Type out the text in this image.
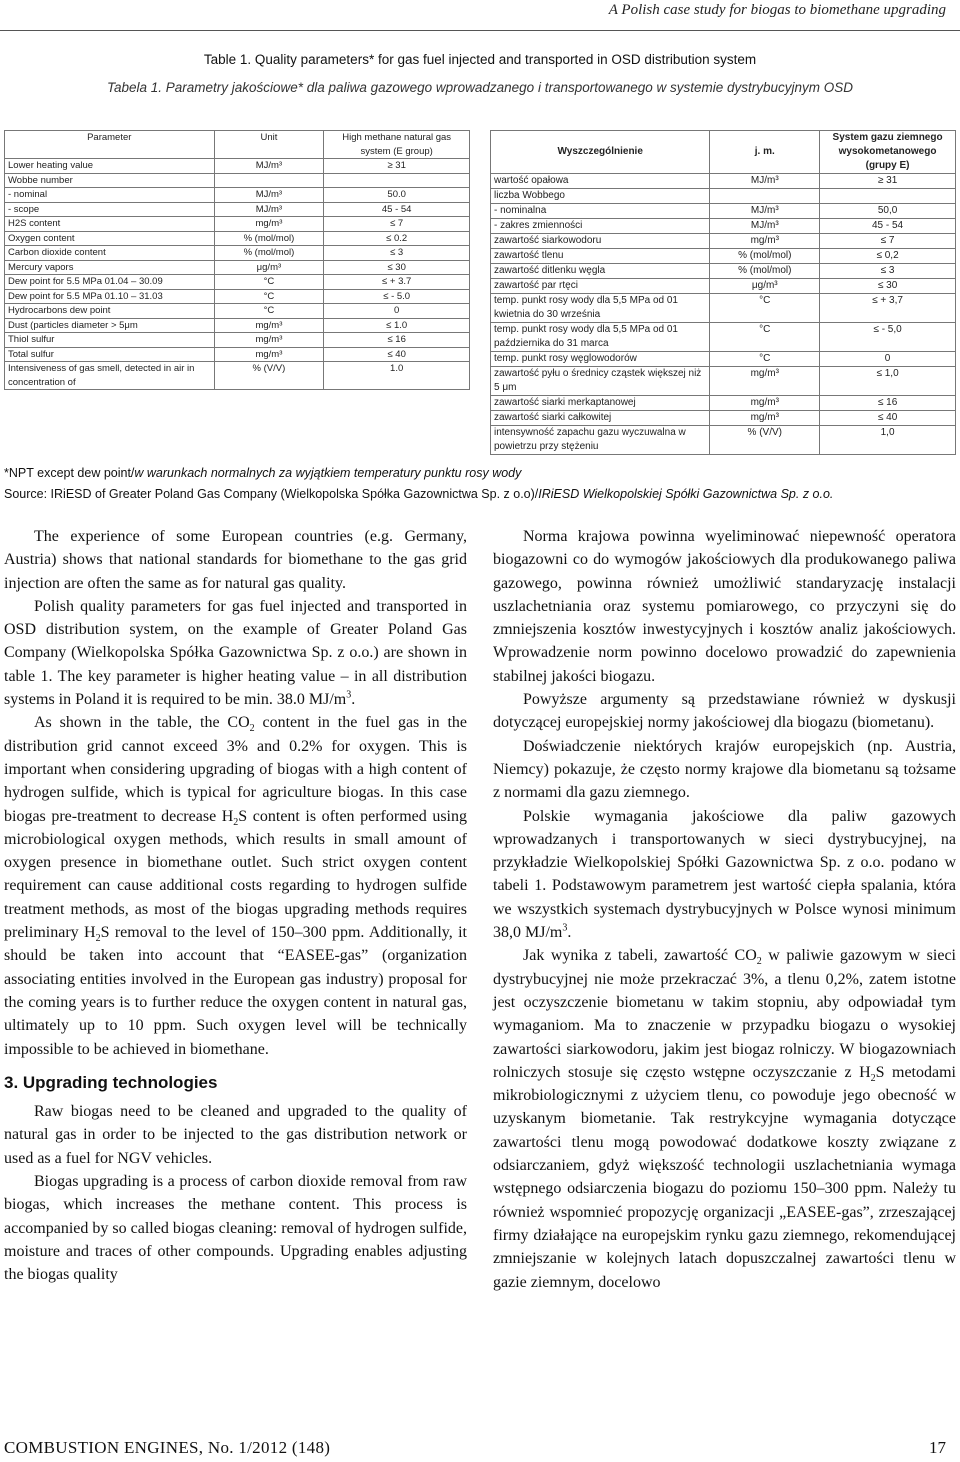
A Polish case study for biogas to biomethane upgrading
Table 1. Quality parameters* for gas fuel injected and transported in OSD distribution system
Tabela 1. Parametry jakościowe* dla paliwa gazowego wprowadzanego i transportowanego w systemie dystrybucyjnym OSD
Parameter	Unit	High methane natural gas system (E group)
Lower heating value	MJ/m³	≥ 31
Wobbe number		
- nominal	MJ/m³	50.0
- scope	MJ/m³	45 - 54
H2S content	mg/m³	≤ 7
Oxygen content	% (mol/mol)	≤ 0.2
Carbon dioxide content	% (mol/mol)	≤ 3
Mercury vapors	μg/m³	≤ 30
Dew point for 5.5 MPa 01.04 – 30.09	°C	≤ + 3.7
Dew point for 5.5 MPa 01.10 – 31.03	°C	≤ - 5.0
Hydrocarbons dew point	°C	0
Dust (particles diameter > 5μm	mg/m³	≤ 1.0
Thiol sulfur	mg/m³	≤ 16
Total sulfur	mg/m³	≤ 40
Intensiveness of gas smell, detected in air in concentration of	% (V/V)	1.0
Wyszczególnienie	j. m.	System gazu ziemnego wysokometanowego (grupy E)
wartość opałowa	MJ/m³	≥ 31
liczba Wobbego		
- nominalna	MJ/m³	50,0
- zakres zmienności	MJ/m³	45 - 54
zawartość siarkowodoru	mg/m³	≤ 7
zawartość tlenu	% (mol/mol)	≤ 0,2
zawartość ditlenku węgla	% (mol/mol)	≤ 3
zawartość par rtęci	μg/m³	≤ 30
temp. punkt rosy wody dla 5,5 MPa od 01 kwietnia do 30 września	°C	≤ + 3,7
temp. punkt rosy wody dla 5,5 MPa od 01 października do 31 marca	°C	≤ - 5,0
temp. punkt rosy węglowodorów	°C	0
zawartość pyłu o średnicy cząstek większej niż 5 μm	mg/m³	≤ 1,0
zawartość siarki merkaptanowej	mg/m³	≤ 16
zawartość siarki całkowitej	mg/m³	≤ 40
intensywność zapachu gazu wyczuwalna w powietrzu przy stężeniu	% (V/V)	1,0
*NPT except dew point/w warunkach normalnych za wyjątkiem temperatury punktu rosy wody
Source: IRiESD of Greater Poland Gas Company (Wielkopolska Spółka Gazownictwa Sp. z o.o)/IRiESD Wielkopolskiej Spółki Gazownictwa Sp. z o.o.

The experience of some European countries (e.g. Germany, Austria) shows that national standards for biomethane to the gas grid injection are often the same as for natural gas quality.

Polish quality parameters for gas fuel injected and transported in OSD distribution system, on the example of Greater Poland Gas Company (Wielkopolska Spółka Gazownictwa Sp. z o.o.) are shown in table 1. The key parameter is higher heating value – in all distribution systems in Poland it is required to be min. 38.0 $MJ/m^3$.

As shown in the table, the $CO_2$ content in the fuel gas in the distribution grid cannot exceed 3% and 0.2% for oxygen. This is important when considering upgrading of biogas with a high content of hydrogen sulfide, which is typical for agriculture biogas. In this case biogas pre-treatment to decrease $H_2S$ content is often performed using microbiological oxygen methods, which results in small amount of oxygen presence in biomethane outlet. Such strict oxygen content requirement can cause additional costs regarding to hydrogen sulfide treatment methods, as most of the biogas upgrading methods requires preliminary $H_2S$ removal to the level of 150–300 ppm. Additionally, it should be taken into account that “EASEE-gas” (organization associating entities involved in the European gas industry) proposal for the coming years is to further reduce the oxygen content in natural gas, ultimately up to 10 ppm. Such oxygen level will be technically impossible to be achieved in biomethane.

3. Upgrading technologies

Raw biogas need to be cleaned and upgraded to the quality of natural gas in order to be injected to the gas distribution network or used as a fuel for NGV vehicles.

Biogas upgrading is a process of carbon dioxide removal from raw biogas, which increases the methane content. This process is accompanied by so called biogas cleaning: removal of hydrogen sulfide, moisture and traces of other compounds. Upgrading enables adjusting the biogas quality

Norma krajowa powinna wyeliminować niepewność operatora biogazowni co do wymogów jakościowych dla produkowanego paliwa gazowego, powinna również umożliwić standaryzację instalacji uszlachetniania oraz systemu pomiarowego, co przyczyni się do zmniejszenia kosztów inwestycyjnych i kosztów analiz jakościowych. Wprowadzenie norm powinno docelowo prowadzić do zapewnienia stabilnej jakości biogazu.

Powyższe argumenty są przedstawiane również w dyskusji dotyczącej europejskiej normy jakościowej dla biogazu (biometanu).

Doświadczenie niektórych krajów europejskich (np. Austria, Niemcy) pokazuje, że często normy krajowe dla biometanu są tożsame z normami dla gazu ziemnego.

Polskie wymagania jakościowe dla paliw gazowych wprowadzanych i transportowanych w sieci dystrybucyjnej, na przykładzie Wielkopolskiej Spółki Gazownictwa Sp. z o.o. podano w tabeli 1. Podstawowym parametrem jest wartość ciepła spalania, która we wszystkich systemach dystrybucyjnych w Polsce wynosi minimum 38,0 $MJ/m^3$.

Jak wynika z tabeli, zawartość $CO_2$ w paliwie gazowym w sieci dystrybucyjnej nie może przekraczać 3%, a tlenu 0,2%, zatem istotne jest oczyszczenie biometanu w takim stopniu, aby odpowiadał tym wymaganiom. Ma to znaczenie w przypadku biogazu o wysokiej zawartości siarkowodoru, jakim jest biogaz rolniczy. W biogazowniach rolniczych stosuje się często wstępne oczyszczanie z $H_2S$ metodami mikrobiologicznymi z użyciem tlenu, co powoduje jego obecność w uzyskanym biometanie. Tak restrykcyjne wymagania dotyczące zawartości tlenu mogą powodować dodatkowe koszty związane z odsiarczaniem, gdyż większość technologii uszlachetniania wymaga wstępnego odsiarczenia biogazu do poziomu 150–300 ppm. Należy tu również wspomnieć propozycję organizacji „EASEE-gas”, zrzeszającej firmy działające na europejskim rynku gazu ziemnego, rekomendującej zmniejszanie w kolejnych latach dopuszczalnej zawartości tlenu w gazie ziemnym, docelowo

COMBUSTION ENGINES, No. 1/2012 (148)	17
